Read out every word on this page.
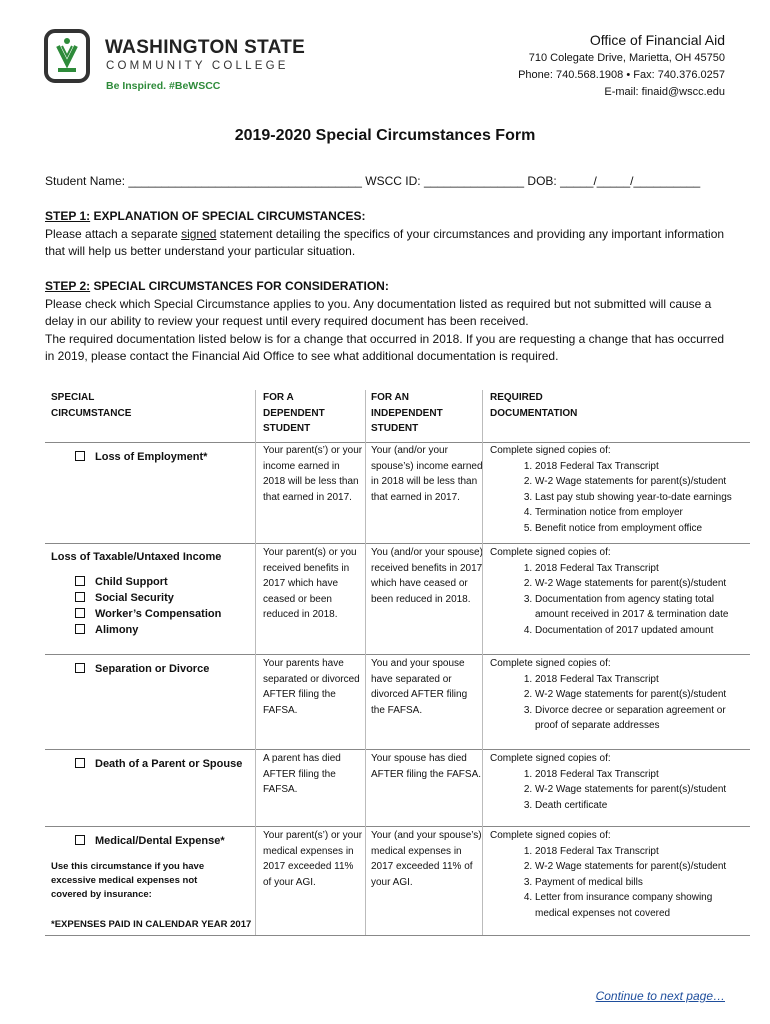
WASHINGTON STATE
COMMUNITY COLLEGE
Be Inspired. #BeWSCC
Office of Financial Aid
710 Colegate Drive, Marietta, OH 45750
Phone: 740.568.1908 • Fax: 740.376.0257
E-mail: finaid@wscc.edu
2019-2020 Special Circumstances Form
Student Name: ___________________________________ WSCC ID: _______________ DOB: _____/_____/__________
STEP 1: EXPLANATION OF SPECIAL CIRCUMSTANCES:
Please attach a separate signed statement detailing the specifics of your circumstances and providing any important information that will help us better understand your particular situation.
STEP 2: SPECIAL CIRCUMSTANCES FOR CONSIDERATION:
Please check which Special Circumstance applies to you. Any documentation listed as required but not submitted will cause a delay in our ability to review your request until every required document has been received.
The required documentation listed below is for a change that occurred in 2018. If you are requesting a change that has occurred in 2019, please contact the Financial Aid Office to see what additional documentation is required.
SPECIAL CIRCUMSTANCE
FOR A DEPENDENT STUDENT
FOR AN INDEPENDENT STUDENT
REQUIRED DOCUMENTATION
Loss of Employment*
Your parent(s’) or your income earned in 2018 will be less than that earned in 2017.
Your (and/or your spouse’s) income earned in 2018 will be less than that earned in 2017.
Complete signed copies of:
1. 2018 Federal Tax Transcript
2. W-2 Wage statements for parent(s)/student
3. Last pay stub showing year-to-date earnings
4. Termination notice from employer
5. Benefit notice from employment office
Loss of Taxable/Untaxed Income
Child Support
Social Security
Worker’s Compensation
Alimony
Your parent(s) or you received benefits in 2017 which have ceased or been reduced in 2018.
You (and/or your spouse) received benefits in 2017 which have ceased or been reduced in 2018.
Complete signed copies of:
1. 2018 Federal Tax Transcript
2. W-2 Wage statements for parent(s)/student
3. Documentation from agency stating total amount received in 2017 & termination date
4. Documentation of 2017 updated amount
Separation or Divorce	Your parents have separated or divorced AFTER filing the FAFSA.
You and your spouse have separated or divorced AFTER filing the FAFSA.
Complete signed copies of:
1. 2018 Federal Tax Transcript
2. W-2 Wage statements for parent(s)/student
3. Divorce decree or separation agreement or proof of separate addresses
Death of a Parent or Spouse	A parent has died AFTER filing the FAFSA.
Your spouse has died AFTER filing the FAFSA.
Complete signed copies of:
1. 2018 Federal Tax Transcript
2. W-2 Wage statements for parent(s)/student
3. Death certificate
Medical/Dental Expense*
Use this circumstance if you have excessive medical expenses not covered by insurance:
*EXPENSES PAID IN CALENDAR YEAR 2017
Your parent(s’) or your medical expenses in 2017 exceeded 11% of your AGI.
Your (and your spouse’s) medical expenses in 2017 exceeded 11% of your AGI.
Complete signed copies of:
1. 2018 Federal Tax Transcript
2. W-2 Wage statements for parent(s)/student
3. Payment of medical bills
4. Letter from insurance company showing medical expenses not covered
Continue to next page…
